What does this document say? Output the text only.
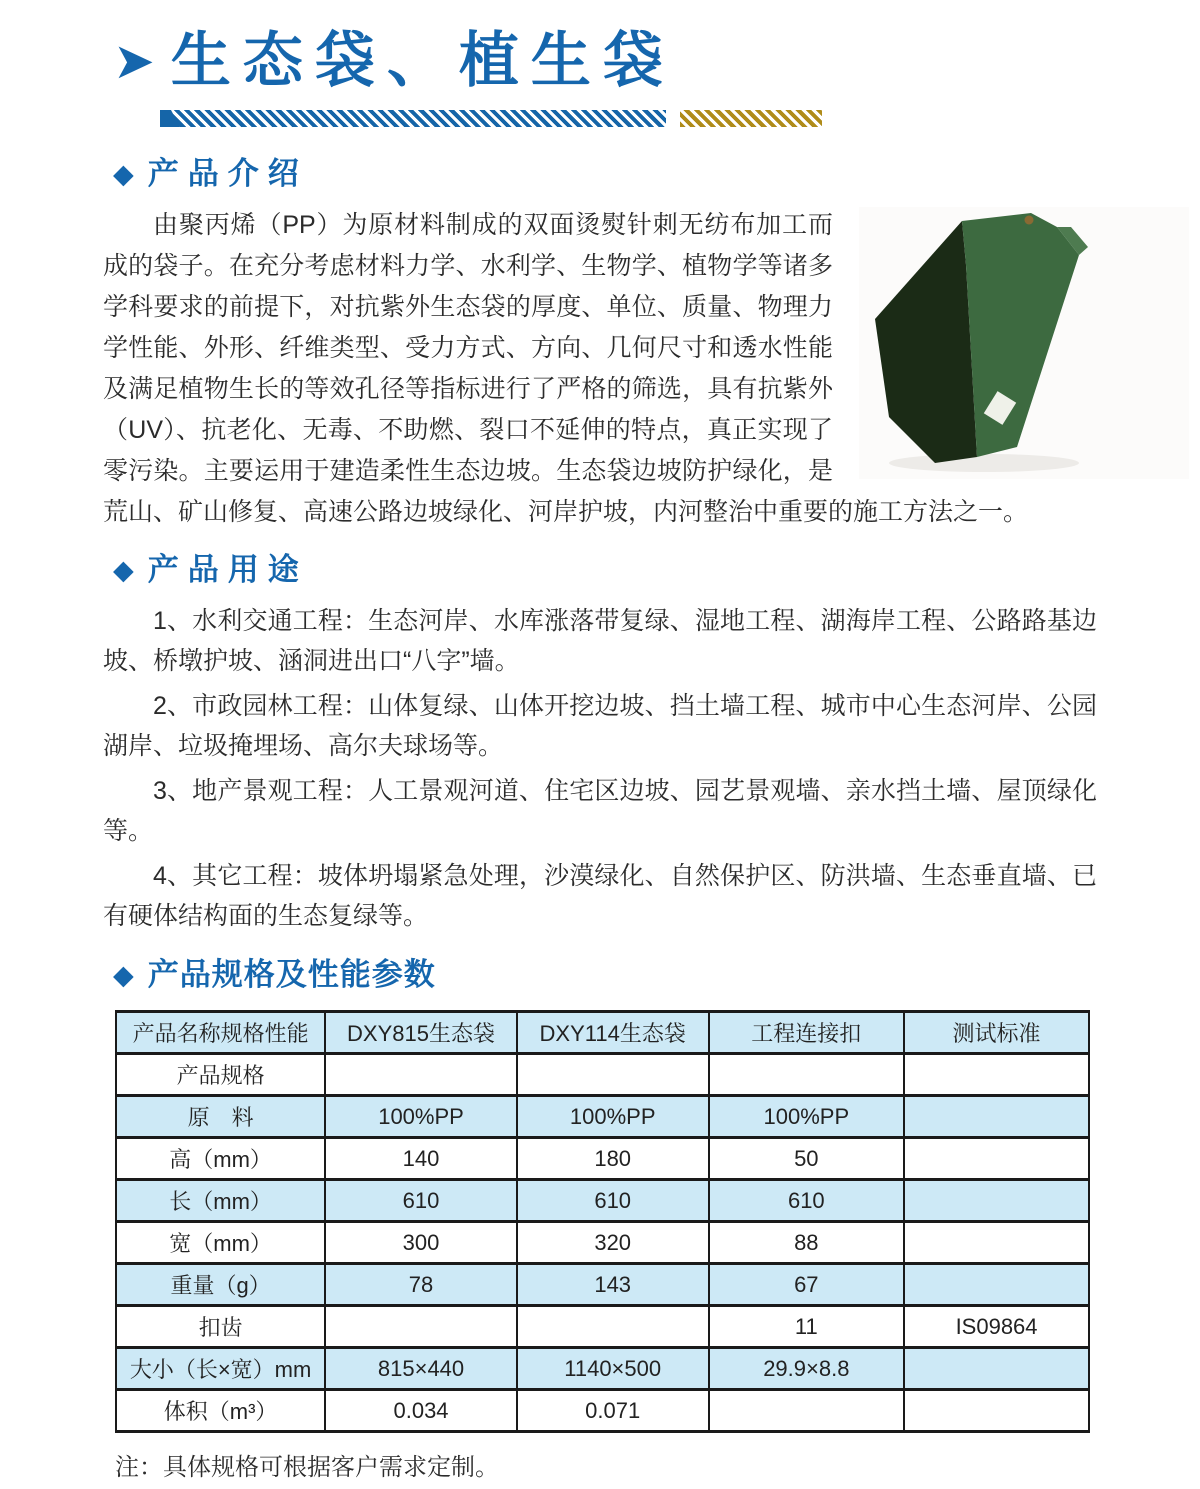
➤ 生态袋、植生袋
◆ 产品介绍

由聚丙烯（PP）为原材料制成的双面烫熨针刺无纺布加工而成的袋子。在充分考虑材料力学、水利学、生物学、植物学等诸多学科要求的前提下，对抗紫外生态袋的厚度、单位、质量、物理力学性能、外形、纤维类型、受力方式、方向、几何尺寸和透水性能及满足植物生长的等效孔径等指标进行了严格的筛选，具有抗紫外（UV）、抗老化、无毒、不助燃、裂口不延伸的特点，真正实现了零污染。主要运用于建造柔性生态边坡。生态袋边坡防护绿化，是荒山、矿山修复、高速公路边坡绿化、河岸护坡，内河整治中重要的施工方法之一。

◆ 产品用途

1、水利交通工程：生态河岸、水库涨落带复绿、湿地工程、湖海岸工程、公路路基边坡、桥墩护坡、涵洞进出口“八字”墙。

2、市政园林工程：山体复绿、山体开挖边坡、挡土墙工程、城市中心生态河岸、公园湖岸、垃圾掩埋场、高尔夫球场等。

3、地产景观工程：人工景观河道、住宅区边坡、园艺景观墙、亲水挡土墙、屋顶绿化等。

4、其它工程：坡体坍塌紧急处理，沙漠绿化、自然保护区、防洪墙、生态垂直墙、已有硬体结构面的生态复绿等。

◆ 产品规格及性能参数
产品名称规格性能	DXY815生态袋	DXY114生态袋	工程连接扣	测试标准
产品规格				
原　料	100%PP	100%PP	100%PP	
高（mm）	140	180	50	
长（mm）	610	610	610	
宽（mm）	300	320	88	
重量（g）	78	143	67	
扣齿			11	IS09864
大小（长×宽）mm	815×440	1140×500	29.9×8.8	
体积（m³）	0.034	0.071		

注：具体规格可根据客户需求定制。
